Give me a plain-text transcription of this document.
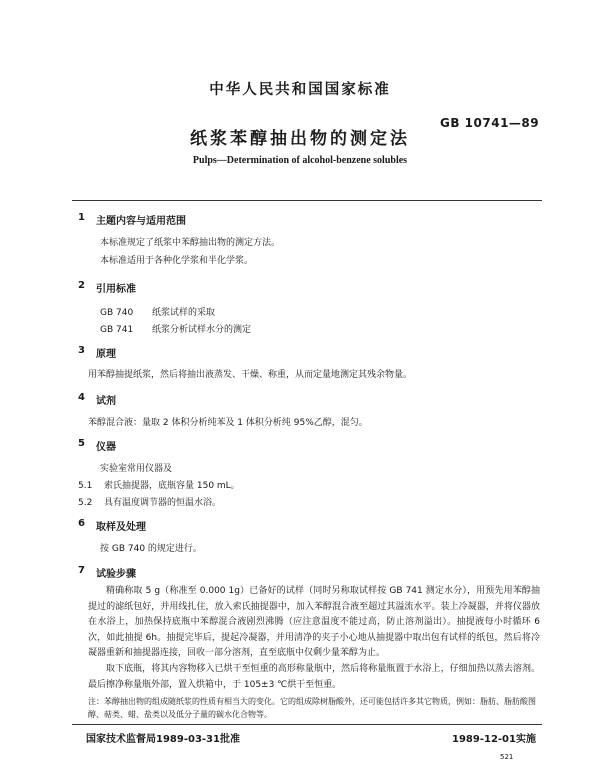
中华人民共和国国家标准
GB 10741—89
纸浆苯醇抽出物的测定法
Pulps—Determination of alcohol-benzene solubles
1 主题内容与适用范围
本标准规定了纸浆中苯醇抽出物的测定方法。
本标准适用于各种化学浆和半化学浆。
2 引用标准
GB 740 纸浆试样的采取
GB 741 纸浆分析试样水分的测定
3 原理
用苯醇抽提纸浆，然后将抽出液蒸发、干燥、称重，从而定量地测定其残余物量。
4 试剂
苯醇混合液：量取 2 体积分析纯苯及 1 体积分析纯 95%乙醇，混匀。
5 仪器
实验室常用仪器及
5.1 索氏抽提器，底瓶容量 150 mL。
5.2 具有温度调节器的恒温水浴。
6 取样及处理
按 GB 740 的规定进行。
7 试验步骤
精确称取 5 g（称准至 0.000 1g）已备好的试样（同时另称取试样按 GB 741 测定水分），用预先用苯醇抽提过的滤纸包好，并用线扎住，放入索氏抽提器中，加入苯醇混合液至超过其溢流水平。装上冷凝器，并将仪器放在水浴上，加热保持底瓶中苯醇混合液剧烈沸腾（应注意温度不能过高，防止溶剂溢出）。抽提液每小时循环 6 次，如此抽提 6h。抽提完毕后，提起冷凝器，并用清净的夹子小心地从抽提器中取出包有试样的纸包，然后将冷凝器重新和抽提器连接，回收一部分溶剂，直至底瓶中仅剩少量苯醇为止。
取下底瓶，将其内容物移入已烘干至恒重的高形称量瓶中，然后将称量瓶置于水浴上，仔细加热以蒸去溶剂。最后擦净称量瓶外部，置入烘箱中，于 105±3 ℃烘干至恒重。
注：苯醇抽出物的组成随纸浆的性质有相当大的变化。它的组成除树脂酸外，还可能包括许多其它物质，例如：脂肪、脂肪酸图醇、萜类、蜡、盐类以及低分子量的碳水化合物等。
国家技术监督局1989-03-31批准	1989-12-01实施
521
